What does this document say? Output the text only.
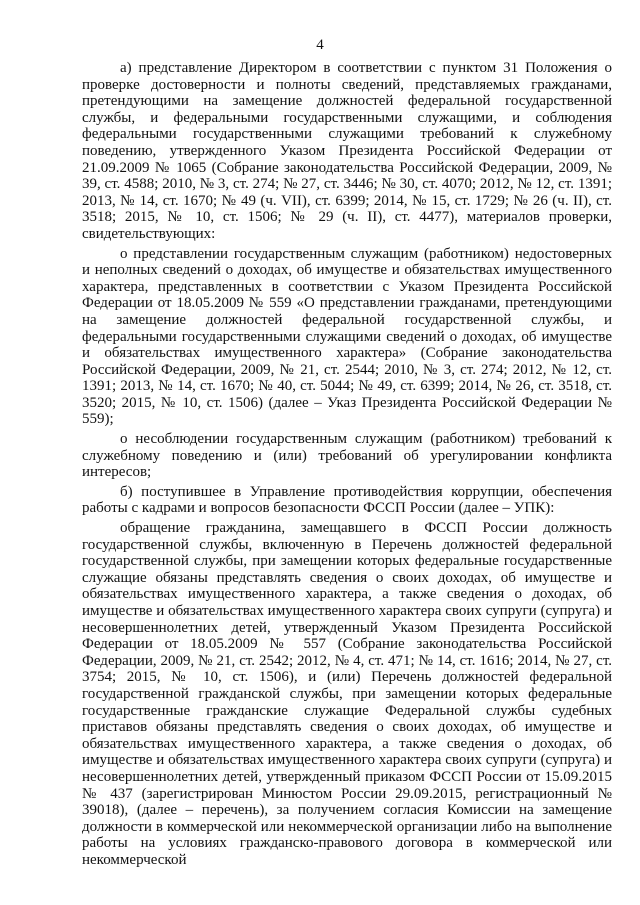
4

а) представление Директором в соответствии с пунктом 31 Положения о проверке достоверности и полноты сведений, представляемых гражданами, претендующими на замещение должностей федеральной государственной службы, и федеральными государственными служащими, и соблюдения федеральными государственными служащими требований к служебному поведению, утвержденного Указом Президента Российской Федерации от 21.09.2009 № 1065 (Собрание законодательства Российской Федерации, 2009, № 39, ст. 4588; 2010, № 3, ст. 274; № 27, ст. 3446; № 30, ст. 4070; 2012, № 12, ст. 1391; 2013, № 14, ст. 1670; № 49 (ч. VII), ст. 6399; 2014, № 15, ст. 1729; № 26 (ч. II), ст. 3518; 2015, № 10, ст. 1506; № 29 (ч. II), ст. 4477), материалов проверки, свидетельствующих:

о представлении государственным служащим (работником) недостоверных и неполных сведений о доходах, об имуществе и обязательствах имущественного характера, представленных в соответствии с Указом Президента Российской Федерации от 18.05.2009 № 559 «О представлении гражданами, претендующими на замещение должностей федеральной государственной службы, и федеральными государственными служащими сведений о доходах, об имуществе и обязательствах имущественного характера» (Собрание законодательства Российской Федерации, 2009, № 21, ст. 2544; 2010, № 3, ст. 274; 2012, № 12, ст. 1391; 2013, № 14, ст. 1670; № 40, ст. 5044; № 49, ст. 6399; 2014, № 26, ст. 3518, ст. 3520; 2015, № 10, ст. 1506) (далее – Указ Президента Российской Федерации № 559);

о несоблюдении государственным служащим (работником) требований к служебному поведению и (или) требований об урегулировании конфликта интересов;

б) поступившее в Управление противодействия коррупции, обеспечения работы с кадрами и вопросов безопасности ФССП России (далее – УПК):

обращение гражданина, замещавшего в ФССП России должность государственной службы, включенную в Перечень должностей федеральной государственной службы, при замещении которых федеральные государственные служащие обязаны представлять сведения о своих доходах, об имуществе и обязательствах имущественного характера, а также сведения о доходах, об имуществе и обязательствах имущественного характера своих супруги (супруга) и несовершеннолетних детей, утвержденный Указом Президента Российской Федерации от 18.05.2009 № 557 (Собрание законодательства Российской Федерации, 2009, № 21, ст. 2542; 2012, № 4, ст. 471; № 14, ст. 1616; 2014, № 27, ст. 3754; 2015, № 10, ст. 1506), и (или) Перечень должностей федеральной государственной гражданской службы, при замещении которых федеральные государственные гражданские служащие Федеральной службы судебных приставов обязаны представлять сведения о своих доходах, об имуществе и обязательствах имущественного характера, а также сведения о доходах, об имуществе и обязательствах имущественного характера своих супруги (супруга) и несовершеннолетних детей, утвержденный приказом ФССП России от 15.09.2015 № 437 (зарегистрирован Минюстом России 29.09.2015, регистрационный № 39018), (далее – перечень), за получением согласия Комиссии на замещение должности в коммерческой или некоммерческой организации либо на выполнение работы на условиях гражданско-правового договора в коммерческой или некоммерческой
